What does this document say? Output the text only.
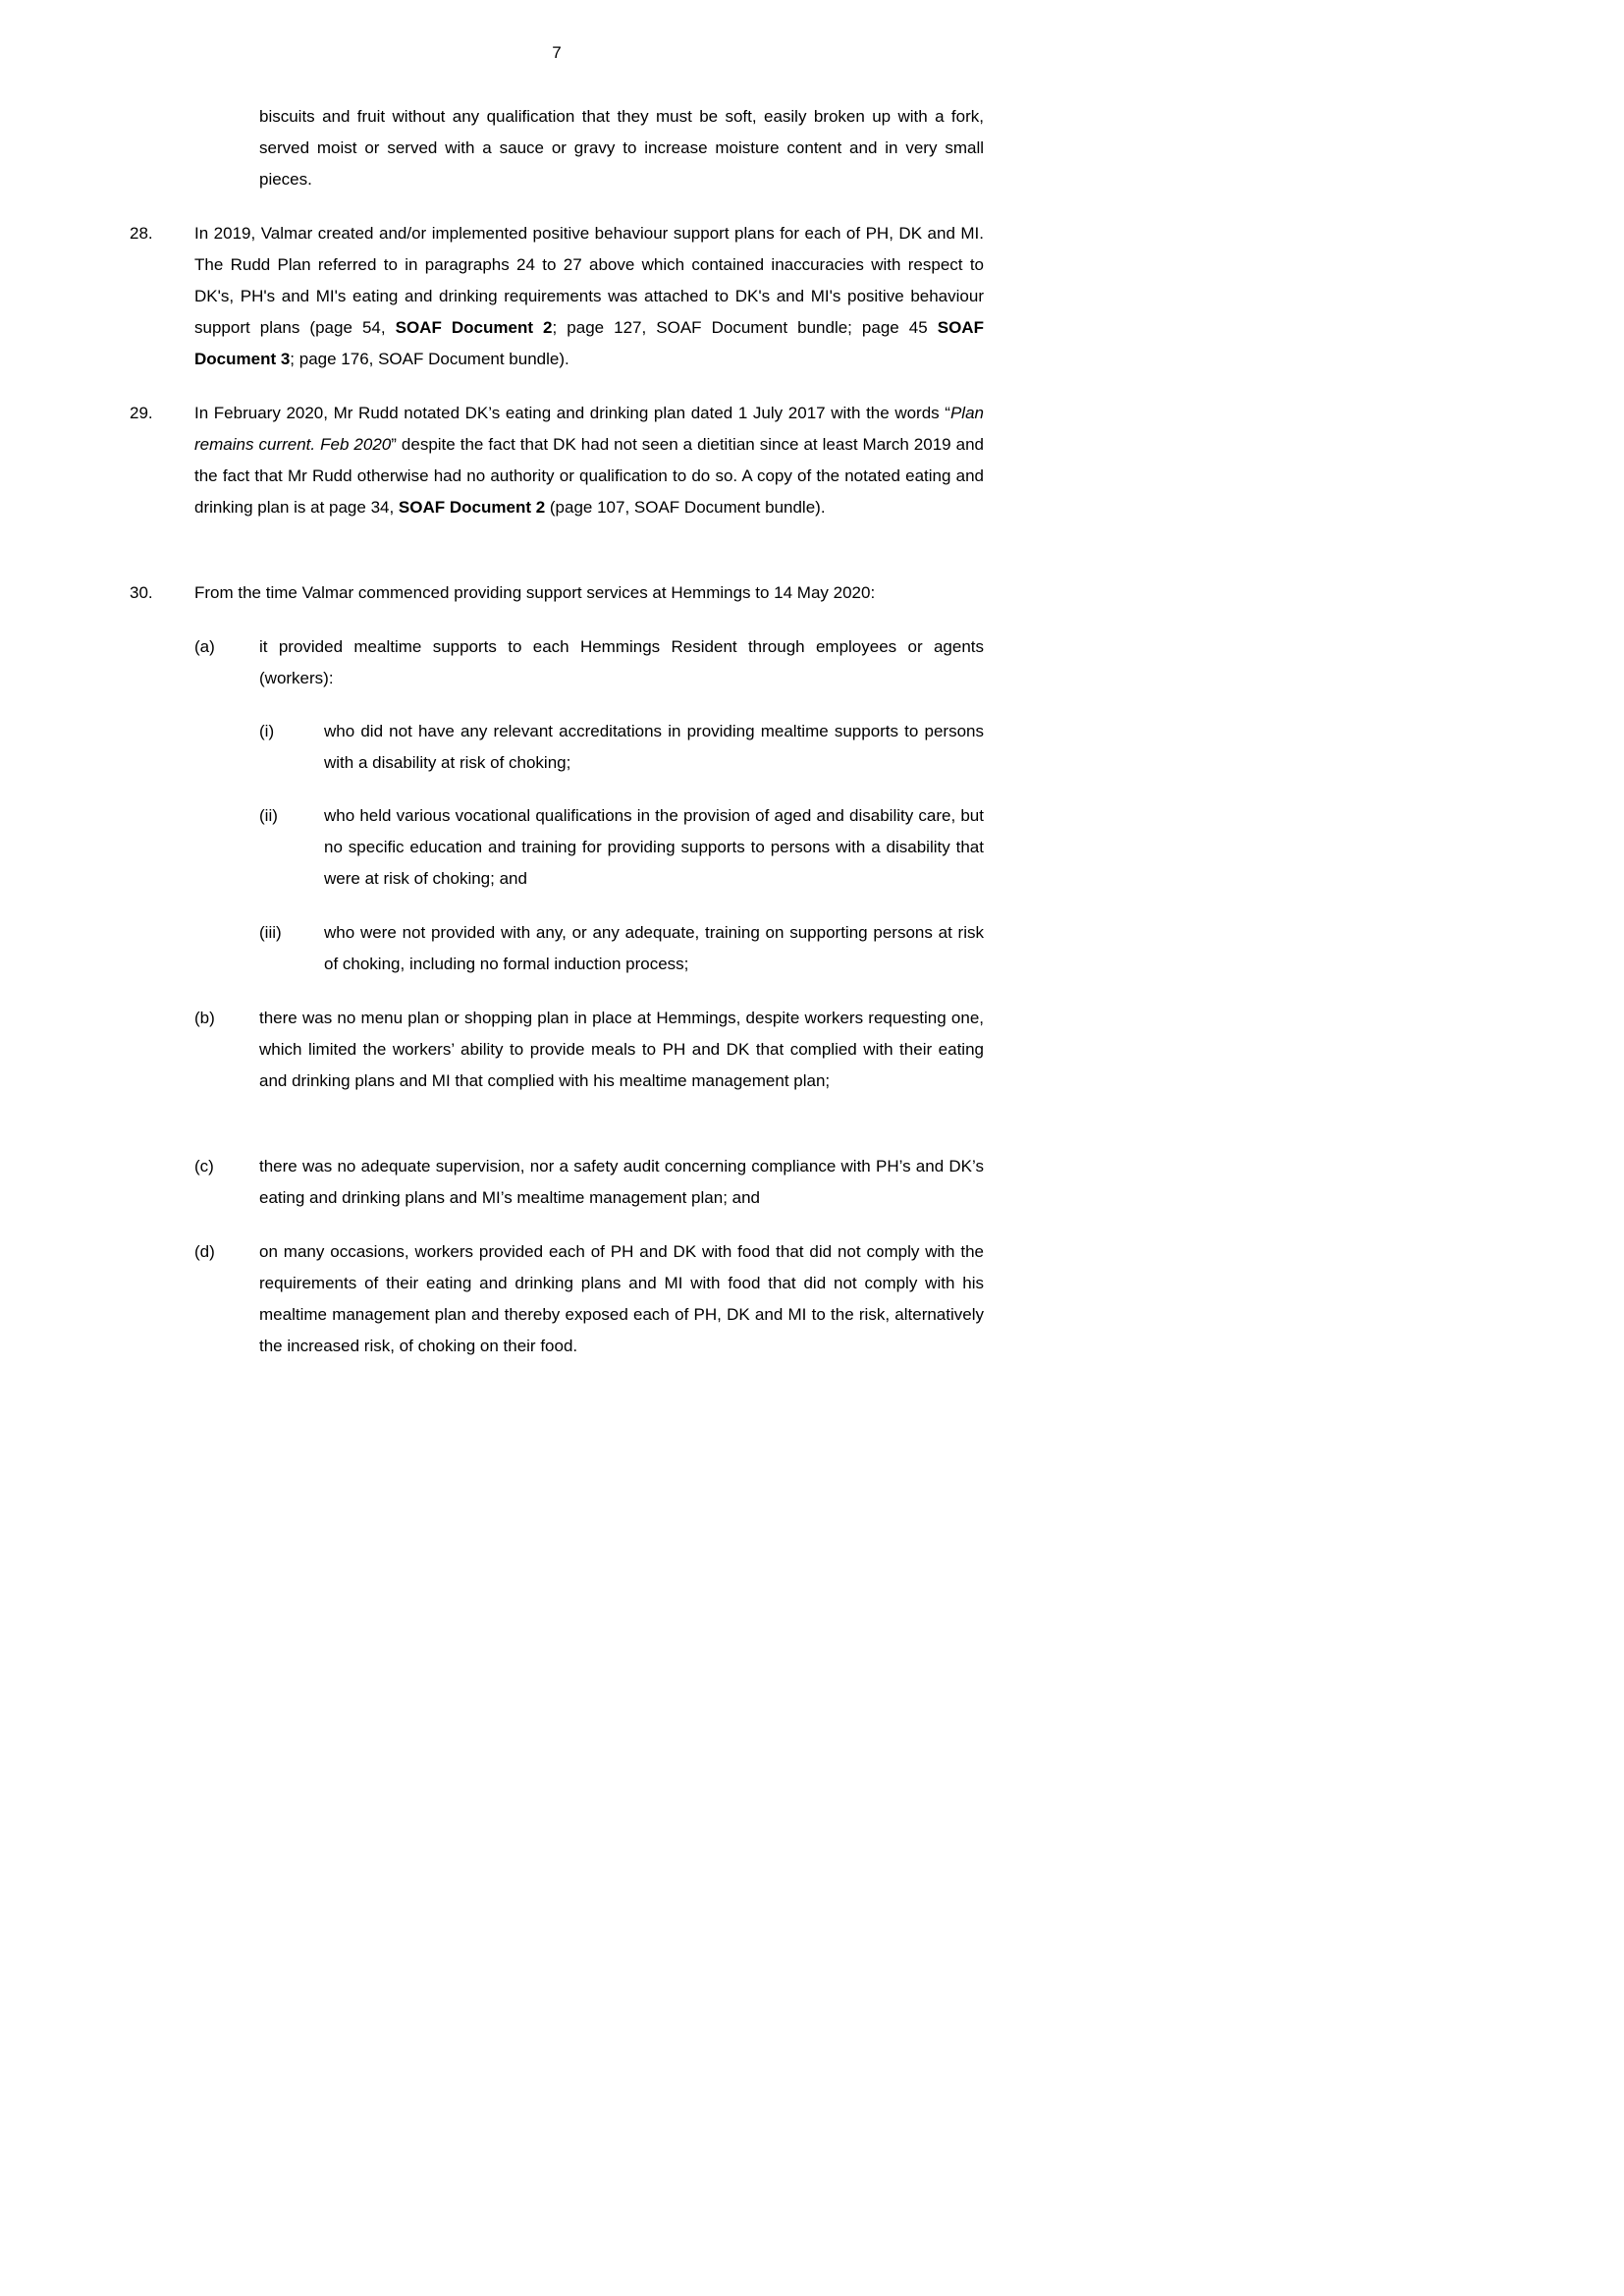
7
biscuits and fruit without any qualification that they must be soft, easily broken up with a fork, served moist or served with a sauce or gravy to increase moisture content and in very small pieces.
28. In 2019, Valmar created and/or implemented positive behaviour support plans for each of PH, DK and MI. The Rudd Plan referred to in paragraphs 24 to 27 above which contained inaccuracies with respect to DK's, PH's and MI's eating and drinking requirements was attached to DK's and MI's positive behaviour support plans (page 54, SOAF Document 2; page 127, SOAF Document bundle; page 45 SOAF Document 3; page 176, SOAF Document bundle).
29. In February 2020, Mr Rudd notated DK’s eating and drinking plan dated 1 July 2017 with the words “Plan remains current. Feb 2020” despite the fact that DK had not seen a dietitian since at least March 2019 and the fact that Mr Rudd otherwise had no authority or qualification to do so. A copy of the notated eating and drinking plan is at page 34, SOAF Document 2 (page 107, SOAF Document bundle).
30. From the time Valmar commenced providing support services at Hemmings to 14 May 2020:
(a)	it provided mealtime supports to each Hemmings Resident through employees or agents (workers):
(i)	who did not have any relevant accreditations in providing mealtime supports to persons with a disability at risk of choking;
(ii)	who held various vocational qualifications in the provision of aged and disability care, but no specific education and training for providing supports to persons with a disability that were at risk of choking; and
(iii)	who were not provided with any, or any adequate, training on supporting persons at risk of choking, including no formal induction process;
(b)	there was no menu plan or shopping plan in place at Hemmings, despite workers requesting one, which limited the workers’ ability to provide meals to PH and DK that complied with their eating and drinking plans and MI that complied with his mealtime management plan;
(c)	there was no adequate supervision, nor a safety audit concerning compliance with PH’s and DK’s eating and drinking plans and MI’s mealtime management plan; and
(d)	on many occasions, workers provided each of PH and DK with food that did not comply with the requirements of their eating and drinking plans and MI with food that did not comply with his mealtime management plan and thereby exposed each of PH, DK and MI to the risk, alternatively the increased risk, of choking on their food.
